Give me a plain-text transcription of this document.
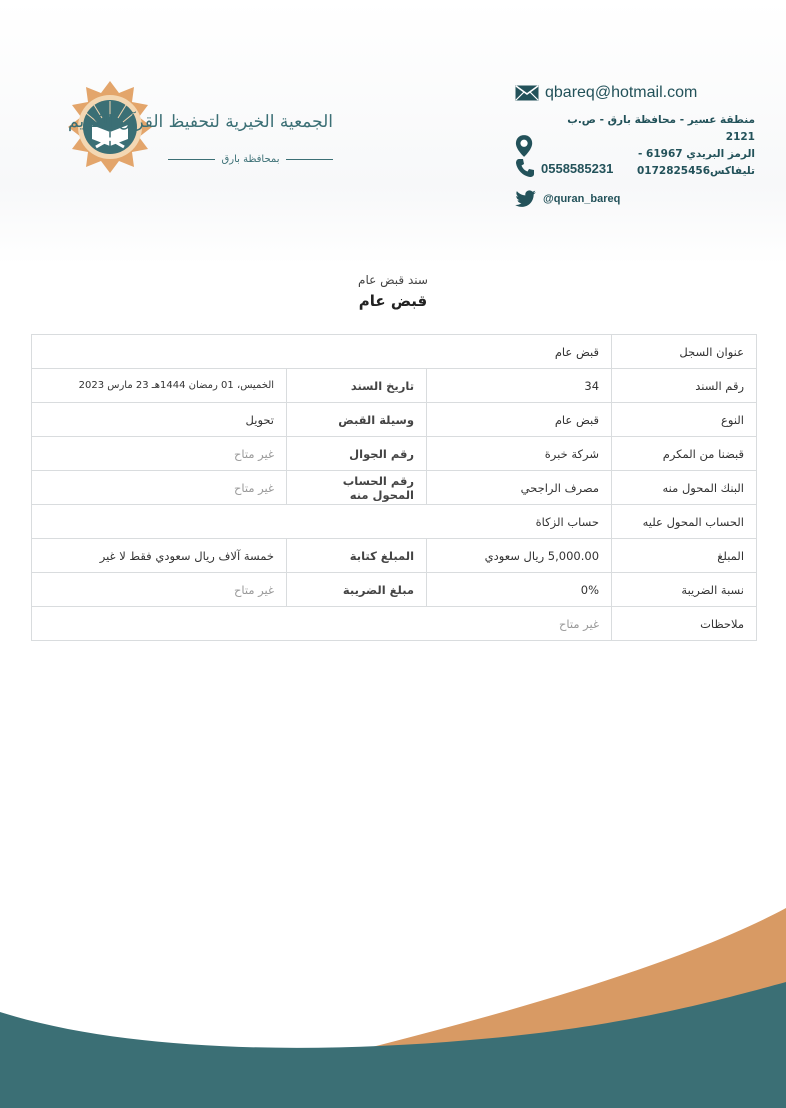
الجمعية الخيرية لتحفيظ القرآن الكريم
بمحافظة بارق
qbareq@hotmail.com
منطقة عسير - محافظة بارق - ص.ب 2121
الرمز البريدي 61967 - تليفاكس0172825456
0558585231
@quran_bareq
سند قبض عام
قبض عام
عنوان السجل	قبض عام		
رقم السند	34	تاريخ السند	الخميس، 01 رمضان 1444هـ 23 مارس 2023
النوع	قبض عام	وسيلة القبض	تحويل
قبضنا من المكرم	شركة خبرة	رقم الجوال	غير متاح
البنك المحول منه	مصرف الراجحي	رقم الحساب المحول منه	غير متاح
الحساب المحول عليه	حساب الزكاة		
المبلغ	5,000.00 ريال سعودي	المبلغ كتابة	خمسة آلاف ريال سعودي فقط لا غير
نسبة الضريبة	0%	مبلغ الضريبة	غير متاح
ملاحظات	غير متاح		
